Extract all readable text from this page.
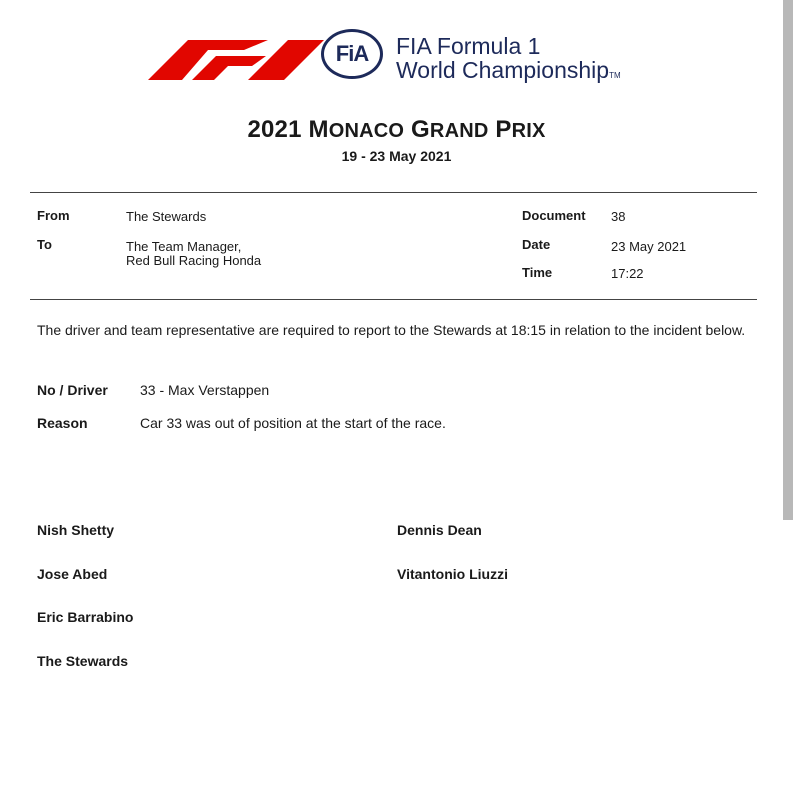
FiA	FIA Formula 1
World ChampionshipTM
2021 MONACO GRAND PRIX
19 - 23 May 2021
From	The Stewards
To	The Team Manager,
Red Bull Racing Honda
Document 38
Date	23 May 2021
Time	17:22
The driver and team representative are required to report to the Stewards at 18:15 in relation to the incident below.
No / Driver 33 - Max Verstappen
Reason	Car 33 was out of position at the start of the race.
Nish Shetty
Jose Abed
Eric Barrabino
Dennis Dean
Vitantonio Liuzzi
The Stewards
